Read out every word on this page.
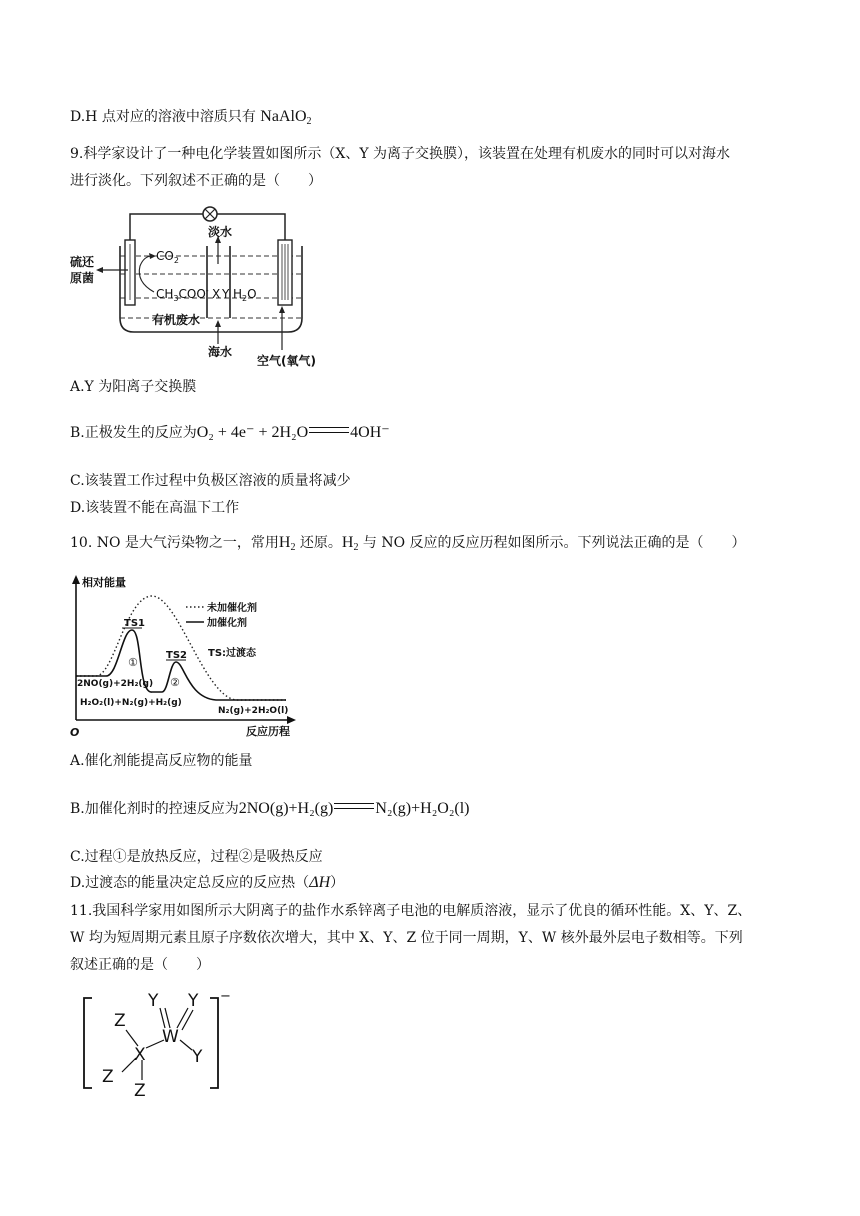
D.H 点对应的溶液中溶质只有 NaAlO$_2$
9.科学家设计了一种电化学装置如图所示（X、Y 为离子交换膜），该装置在处理有机废水的同时可以对海水
进行淡化。下列叙述不正确的是（　　）
淡水
海水
空气(氧气)
硫还
原菌
$CO_2$
$CH_3COO^-$ X Y $H_2O$
有机废水
A.Y 为阳离子交换膜
B.正极发生的反应为O₂ + 4e⁻ + 2H₂O	4OH⁻
C.该装置工作过程中负极区溶液的质量将减少
D.该装置不能在高温下工作
10. NO 是大气污染物之一，常用$H_2$ 还原。$H_2$ 与 NO 反应的反应历程如图所示。下列说法正确的是（　　）
相对能量
反应历程
O
未加催化剂
加催化剂
TS:过渡态
TS1
TS2
①
②
2NO(g)+2H₂(g)
H₂O₂(l)+N₂(g)+H₂(g)
N₂(g)+2H₂O(l)
A.催化剂能提高反应物的能量
B.加催化剂时的控速反应为2NO(g)+H₂(g)	N₂(g)+H₂O₂(l)
C.过程①是放热反应，过程②是吸热反应
D.过渡态的能量决定总反应的反应热（ΔH）
11.我国科学家用如图所示大阴离子的盐作水系锌离子电池的电解质溶液，显示了优良的循环性能。X、Y、Z、
W 均为短周期元素且原子序数依次增大，其中 X、Y、Z 位于同一周期，Y、W 核外最外层电子数相等。下列
叙述正确的是（　　）
−
Z
X
W
Y Y
Y
Z
Z
